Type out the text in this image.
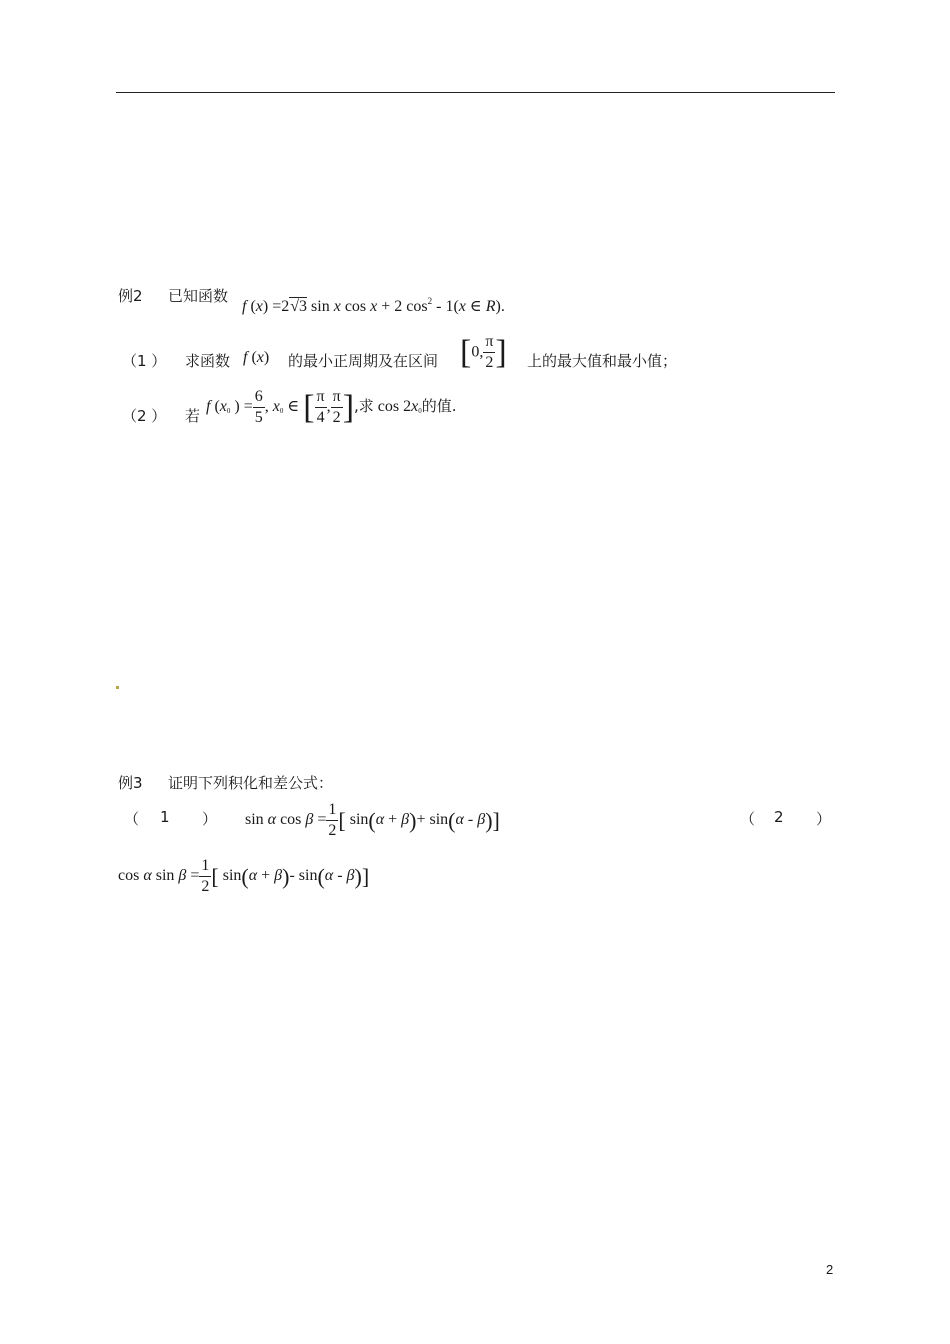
例2 已知函数
f (x) =2√3 sin x cos x + 2 $\cos^2 - 1(x$ ∈ R).
（1 ） 求函数 f (x) 的最小正周期及在区间 [0, $\frac{\pi}{2}$ ] 上的最大值和最小值；
（2 ） 若
f ($x_0$ ) = $\frac{6}{5}$ , $x_0$ ∈ [ $\frac{\pi}{4}$ , $\frac{\pi}{2}$ ],求 $\cos 2x_0$的值.
例3 证明下列积化和差公式：
（ 1 ） sin α $\cos \beta = \frac{1}{2}$ [ sin(α + β)+ sin(α - β)]	（ 2 ）
cos α $\sin \beta = \frac{1}{2}$ [ sin(α + β)- sin(α - β)]
2
